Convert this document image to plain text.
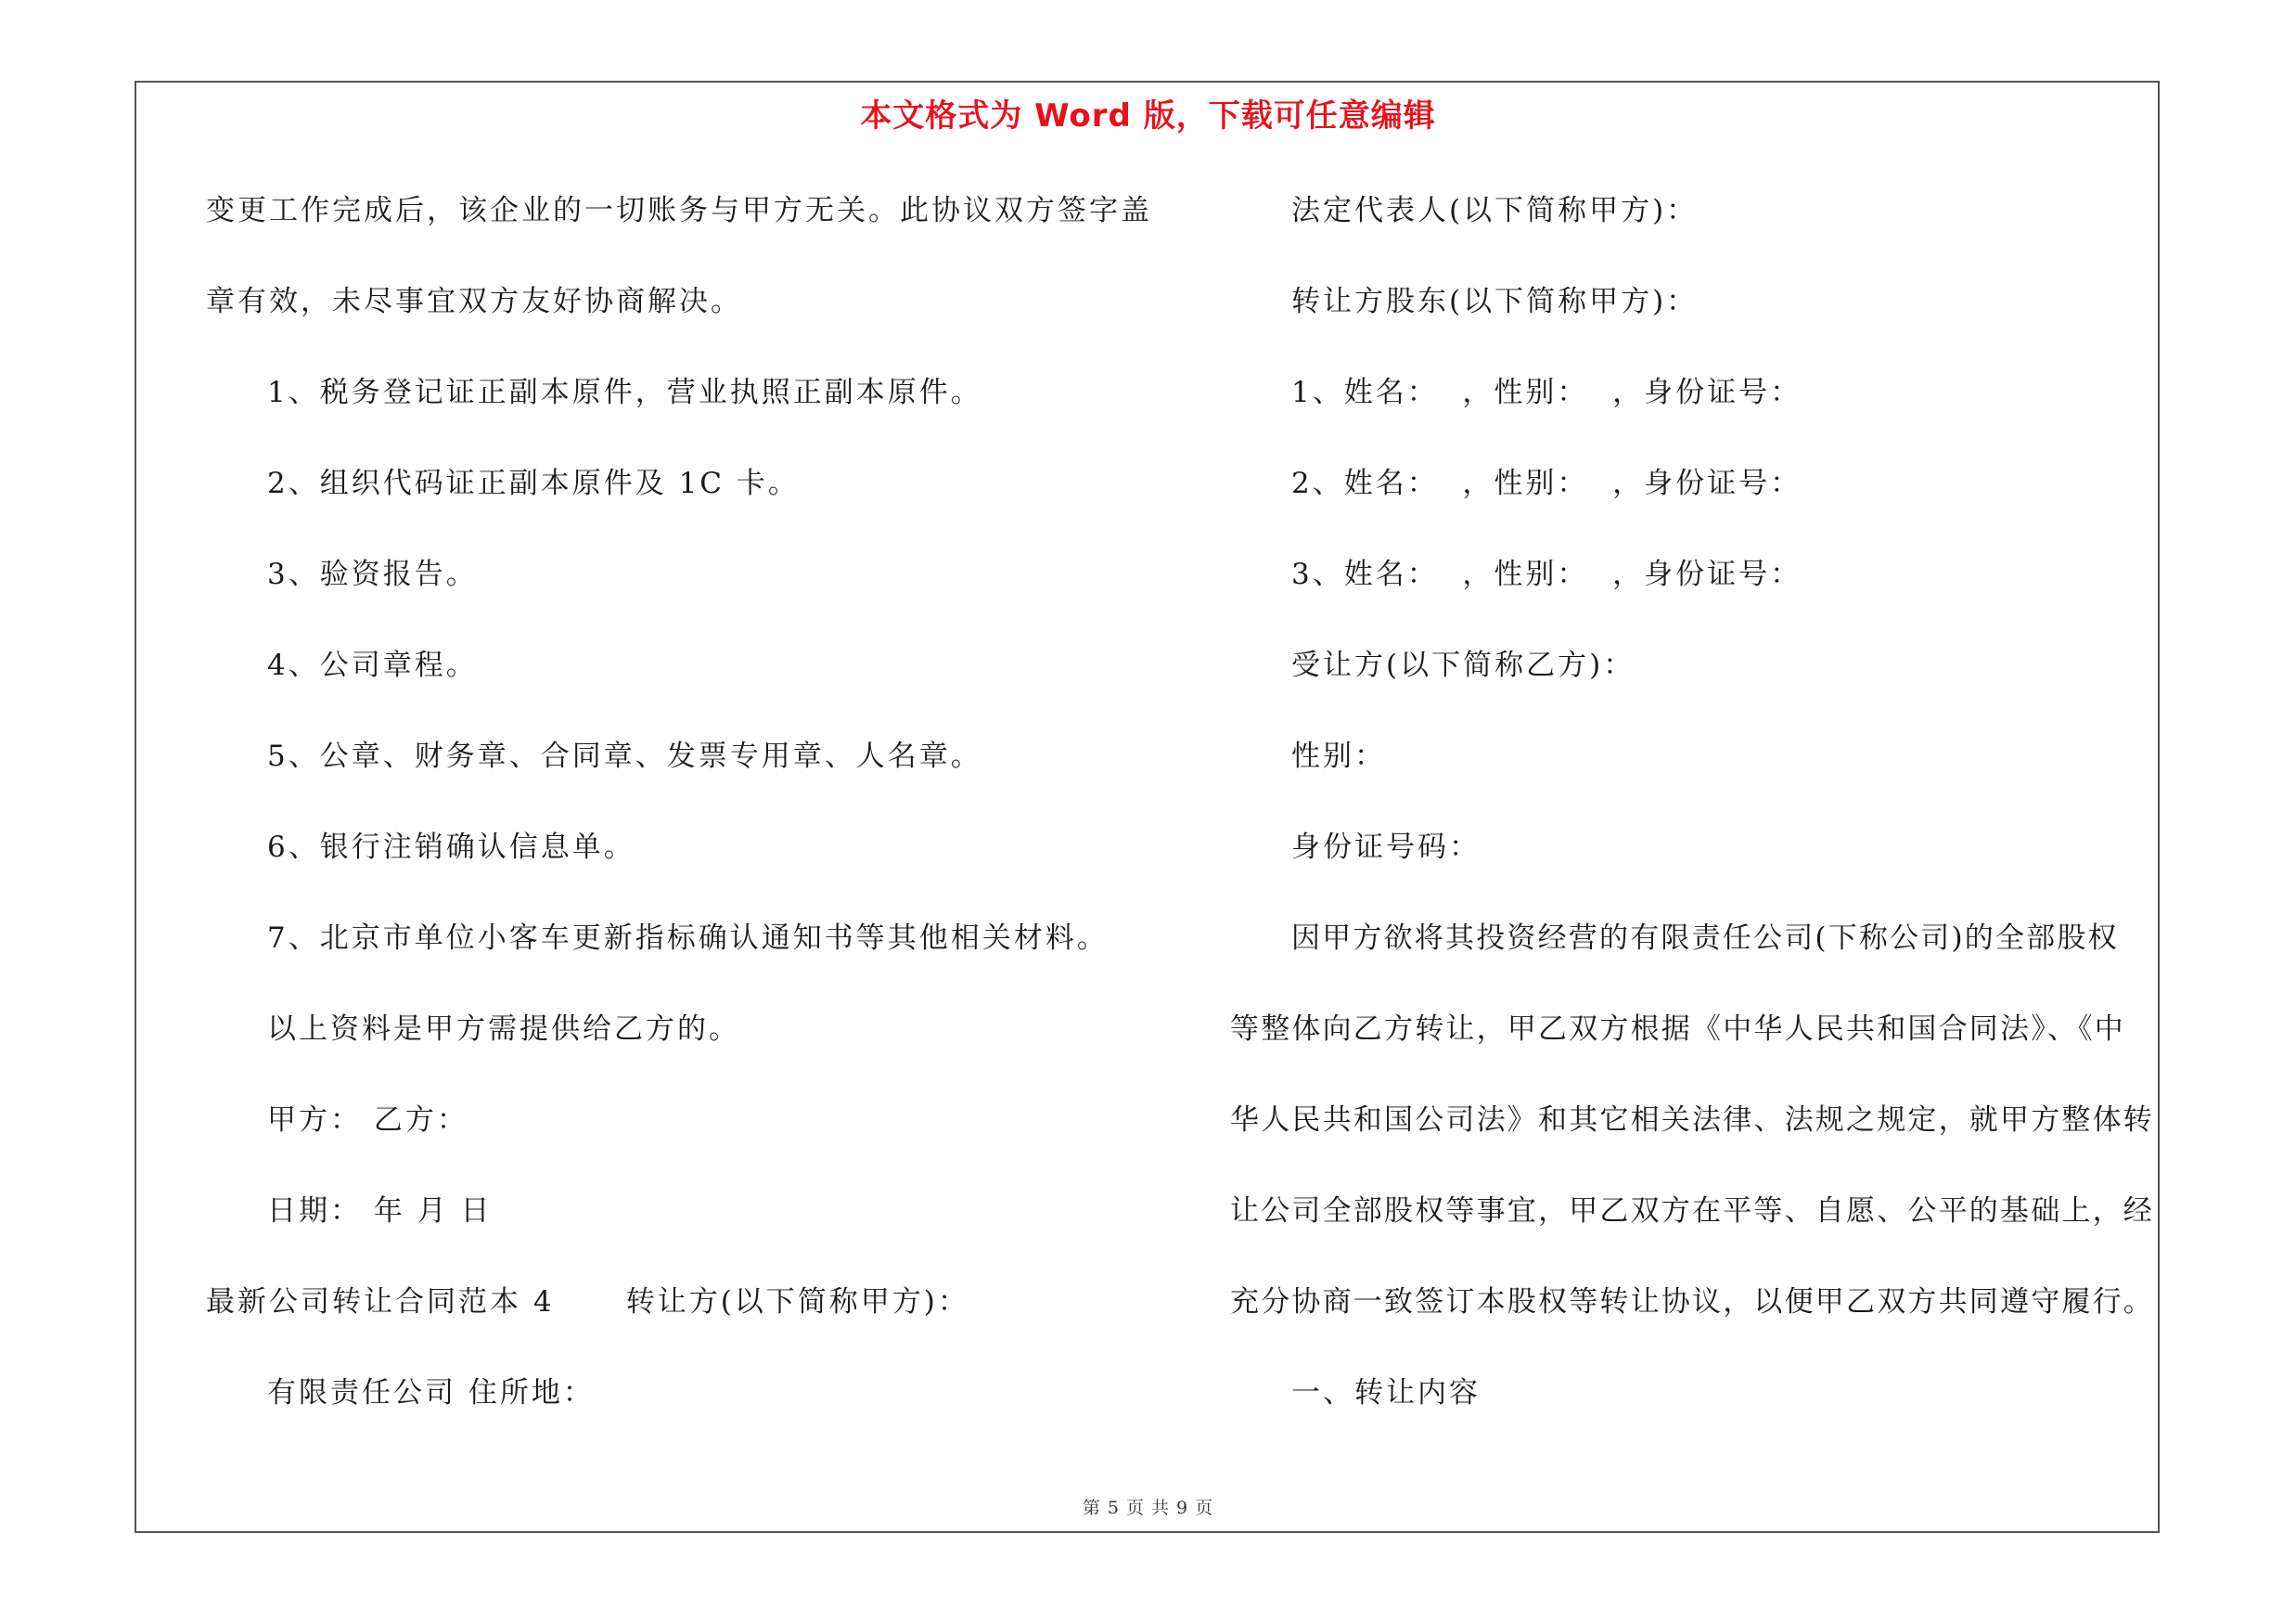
本文格式为 Word 版，下载可任意编辑
变更工作完成后，该企业的一切账务与甲方无关。此协议双方签字盖
章有效，未尽事宜双方友好协商解决。
1、税务登记证正副本原件，营业执照正副本原件。
2、组织代码证正副本原件及 1C 卡。
3、验资报告。
4、公司章程。
5、公章、财务章、合同章、发票专用章、人名章。
6、银行注销确认信息单。
7、北京市单位小客车更新指标确认通知书等其他相关材料。
以上资料是甲方需提供给乙方的。
甲方： 乙方：
日期： 年 月 日
最新公司转让合同范本 4      转让方(以下简称甲方)：
有限责任公司 住所地：
法定代表人(以下简称甲方)：
转让方股东(以下简称甲方)：
1、姓名：  ，性别：  ，身份证号：
2、姓名：  ，性别：  ，身份证号：
3、姓名：  ，性别：  ，身份证号：
受让方(以下简称乙方)：
性别：
身份证号码：
因甲方欲将其投资经营的有限责任公司(下称公司)的全部股权
等整体向乙方转让，甲乙双方根据《中华人民共和国合同法》、《中
华人民共和国公司法》和其它相关法律、法规之规定，就甲方整体转
让公司全部股权等事宜，甲乙双方在平等、自愿、公平的基础上，经
充分协商一致签订本股权等转让协议，以便甲乙双方共同遵守履行。
一、转让内容
第 5 页 共 9 页
